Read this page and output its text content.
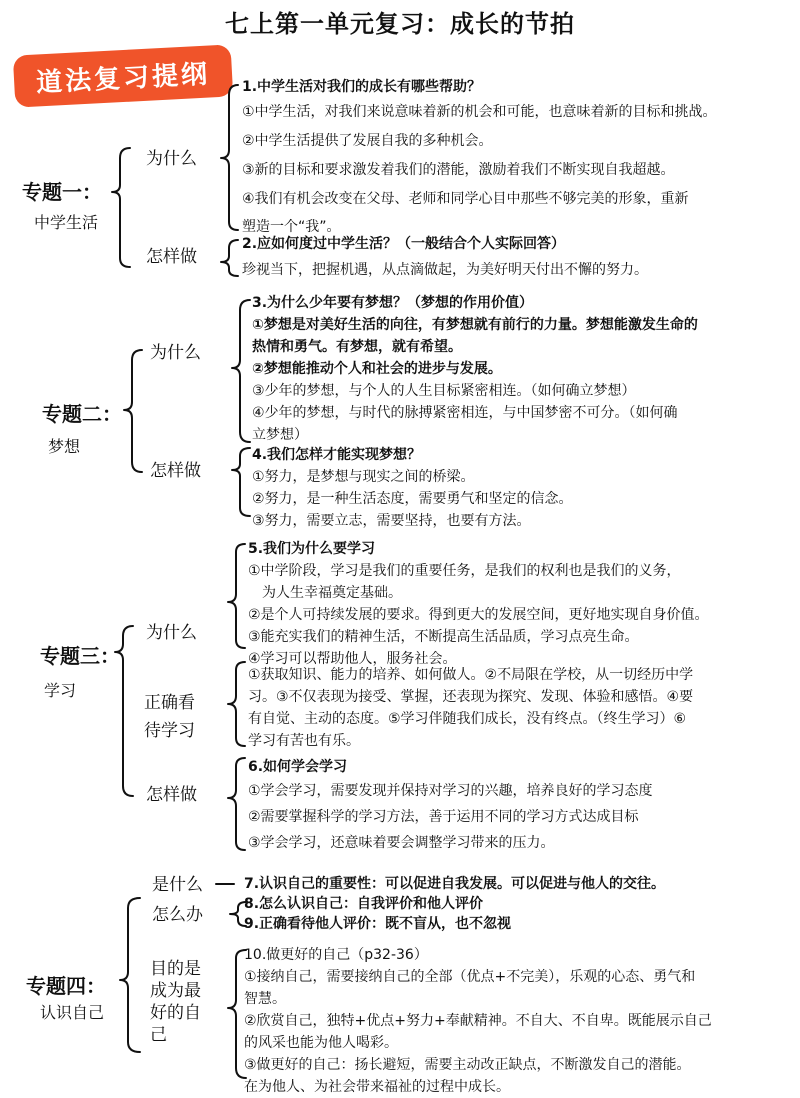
七上第一单元复习：成长的节拍
道法复习提纲
专题一：
中学生活
为什么
怎样做
1.中学生活对我们的成长有哪些帮助？
①中学生活，对我们来说意味着新的机会和可能，也意味着新的目标和挑战。
②中学生活提供了发展自我的多种机会。
③新的目标和要求激发着我们的潜能，激励着我们不断实现自我超越。
④我们有机会改变在父母、老师和同学心目中那些不够完美的形象，重新
塑造一个“我”。
2.应如何度过中学生活？（一般结合个人实际回答）
珍视当下，把握机遇，从点滴做起，为美好明天付出不懈的努力。
专题二：
梦想
为什么
怎样做
3.为什么少年要有梦想？（梦想的作用价值）
①梦想是对美好生活的向往，有梦想就有前行的力量。梦想能激发生命的
热情和勇气。有梦想，就有希望。
②梦想能推动个人和社会的进步与发展。
③少年的梦想，与个人的人生目标紧密相连。（如何确立梦想）
④少年的梦想，与时代的脉搏紧密相连，与中国梦密不可分。（如何确
立梦想）
4.我们怎样才能实现梦想？
①努力，是梦想与现实之间的桥梁。
②努力，是一种生活态度，需要勇气和坚定的信念。
③努力，需要立志，需要坚持，也要有方法。
专题三：
学习
为什么
正确看
待学习
怎样做
5.我们为什么要学习
①中学阶段，学习是我们的重要任务，是我们的权利也是我们的义务，
为人生幸福奠定基础。
②是个人可持续发展的要求。得到更大的发展空间，更好地实现自身价值。
③能充实我们的精神生活，不断提高生活品质，学习点亮生命。
④学习可以帮助他人，服务社会。
①获取知识、能力的培养、如何做人。②不局限在学校，从一切经历中学
习。③不仅表现为接受、掌握，还表现为探究、发现、体验和感悟。④要
有自觉、主动的态度。⑤学习伴随我们成长，没有终点。（终生学习）⑥
学习有苦也有乐。
6.如何学会学习
①学会学习，需要发现并保持对学习的兴趣，培养良好的学习态度
②需要掌握科学的学习方法，善于运用不同的学习方式达成目标
③学会学习，还意味着要会调整学习带来的压力。
专题四：
认识自己
是什么
怎么办
目的是
成为最
好的自
己
7.认识自己的重要性：可以促进自我发展。可以促进与他人的交往。
8.怎么认识自己：自我评价和他人评价
9.正确看待他人评价：既不盲从，也不忽视
10.做更好的自己（p32-36）
①接纳自己，需要接纳自己的全部（优点+不完美），乐观的心态、勇气和
智慧。
②欣赏自己，独特+优点+努力+奉献精神。不自大、不自卑。既能展示自己
的风采也能为他人喝彩。
③做更好的自己：扬长避短，需要主动改正缺点，不断激发自己的潜能。
在为他人、为社会带来福祉的过程中成长。
